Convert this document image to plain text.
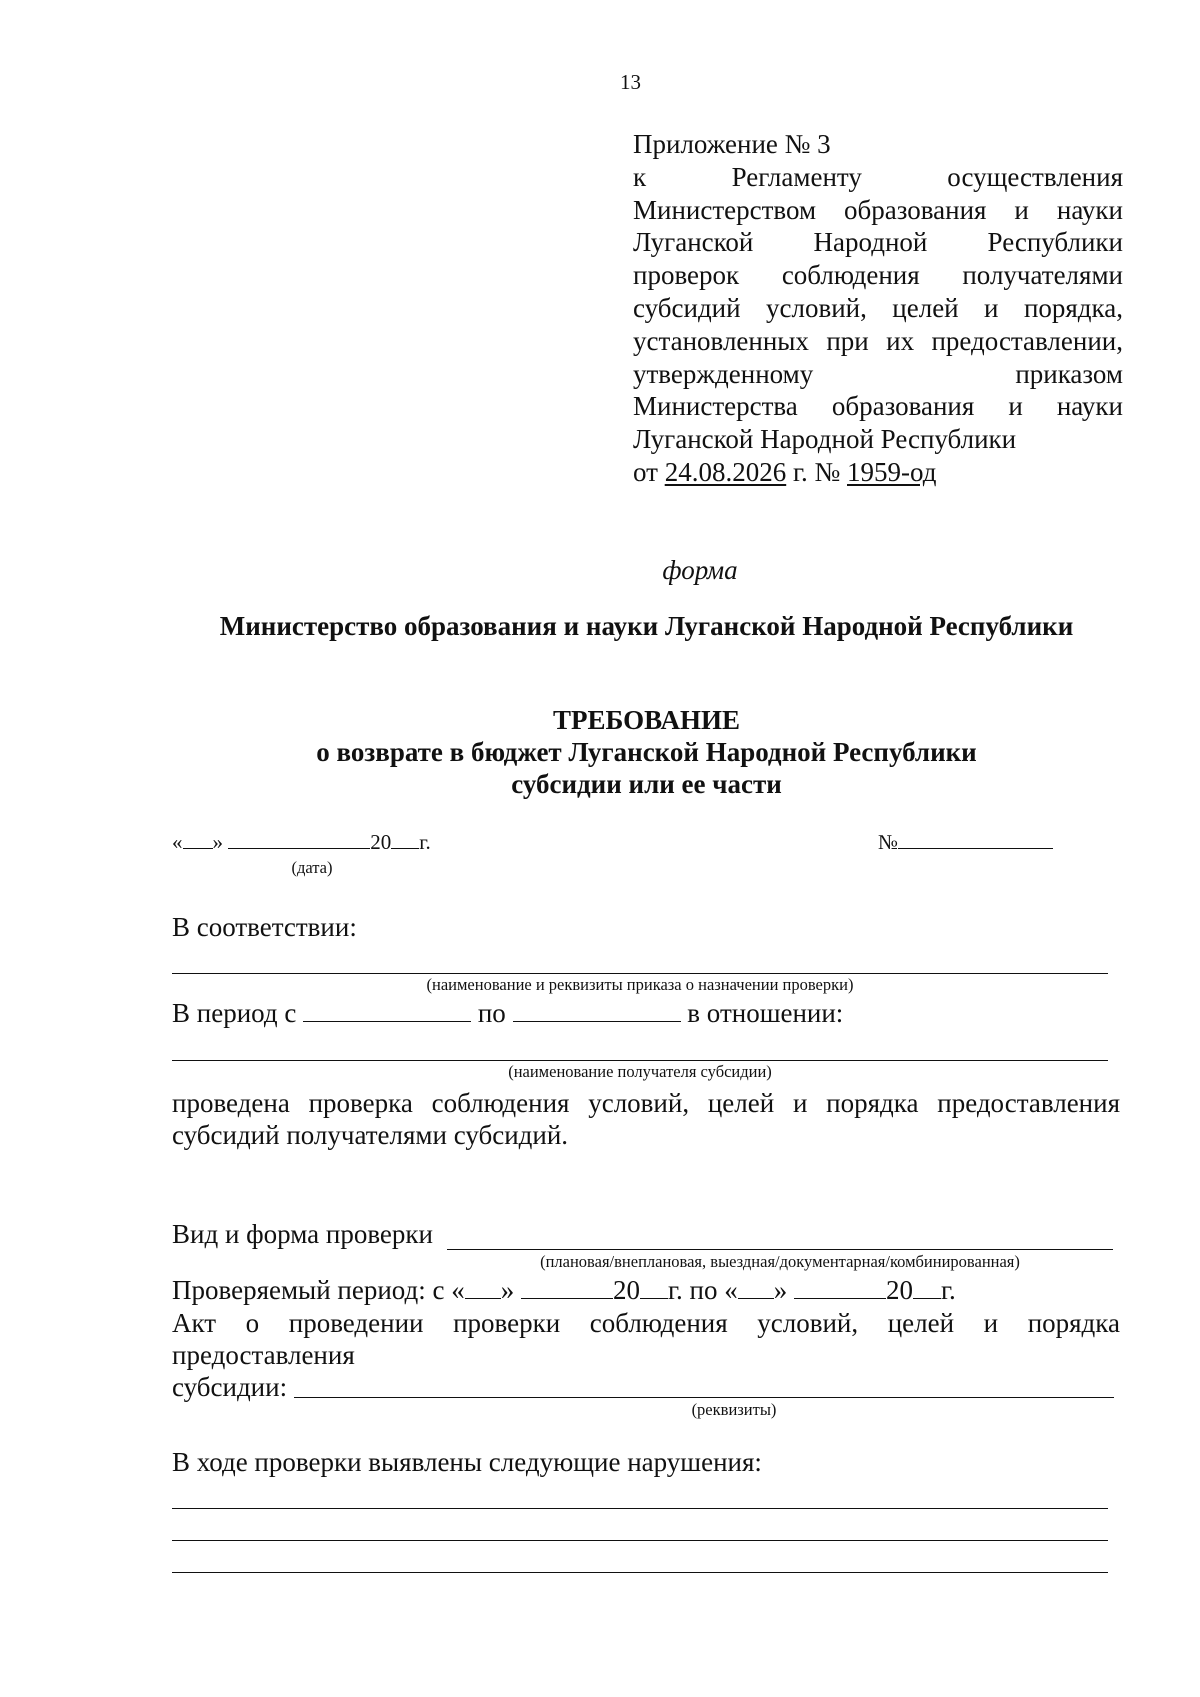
13
Приложение № 3
к Регламенту осуществления
Министерством образования и науки
Луганской Народной Республики
проверок соблюдения получателями
субсидий условий, целей и порядка,
установленных при их предоставлении,
утвержденному приказом
Министерства образования и науки
Луганской Народной Республики
от 24.08.2026 г. № 1959-од
форма
Министерство образования и науки Луганской Народной Республики
ТРЕБОВАНИЕ
о возврате в бюджет Луганской Народной Республики
субсидии или ее части
« »	20 г.
(дата)
№
В соответствии:
(наименование и реквизиты приказа о назначении проверки)
В период с	по	в отношении:
(наименование получателя субсидии)
проведена проверка соблюдения условий, целей и порядка предоставления
субсидий получателями субсидий.
Вид и форма проверки
(плановая/внеплановая, выездная/документарная/комбинированная)
Проверяемый период: с « »	20 г. по « »	20 г.
Акт о проведении проверки соблюдения условий, целей и порядка
предоставления
субсидии:
(реквизиты)
В ходе проверки выявлены следующие нарушения:
